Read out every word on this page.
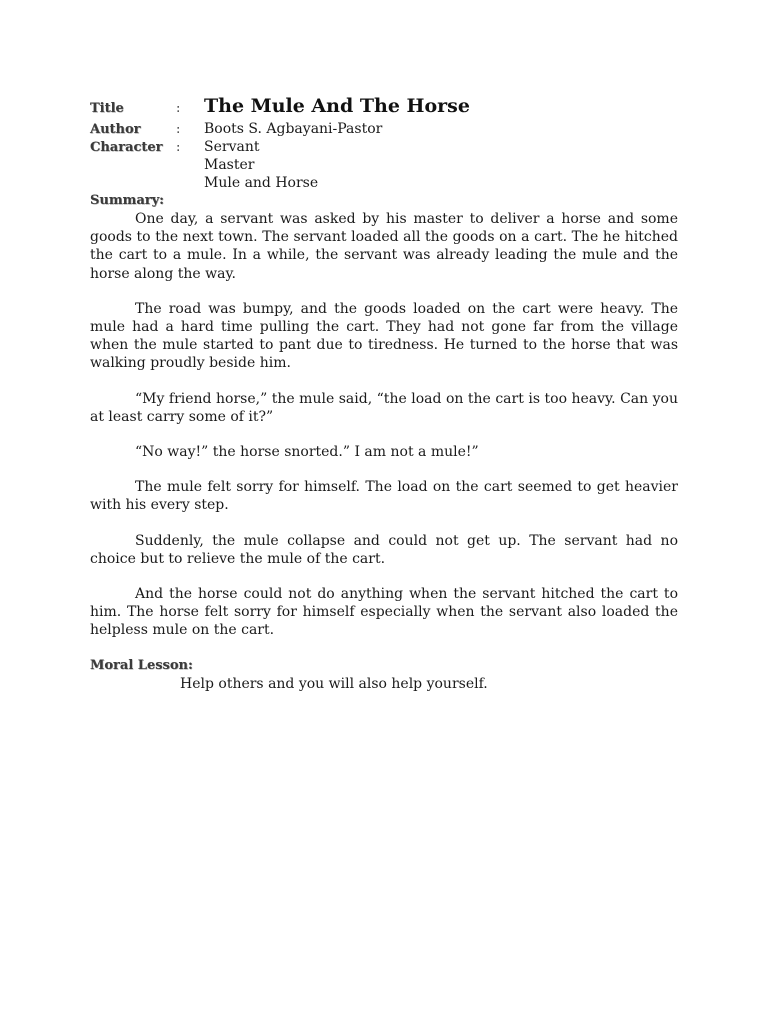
Title	:	The Mule And The Horse
Author	:	Boots S. Agbayani-Pastor
Character	:	Servant
Master
Mule and Horse
Summary:

One day, a servant was asked by his master to deliver a horse and some goods to the next town. The servant loaded all the goods on a cart. The he hitched the cart to a mule. In a while, the servant was already leading the mule and the horse along the way.

The road was bumpy, and the goods loaded on the cart were heavy. The mule had a hard time pulling the cart. They had not gone far from the village when the mule started to pant due to tiredness. He turned to the horse that was walking proudly beside him.

“My friend horse,” the mule said, “the load on the cart is too heavy. Can you at least carry some of it?”

“No way!” the horse snorted.” I am not a mule!”

The mule felt sorry for himself. The load on the cart seemed to get heavier with his every step.

Suddenly, the mule collapse and could not get up. The servant had no choice but to relieve the mule of the cart.

And the horse could not do anything when the servant hitched the cart to him. The horse felt sorry for himself especially when the servant also loaded the helpless mule on the cart.

Moral Lesson:
Help others and you will also help yourself.
